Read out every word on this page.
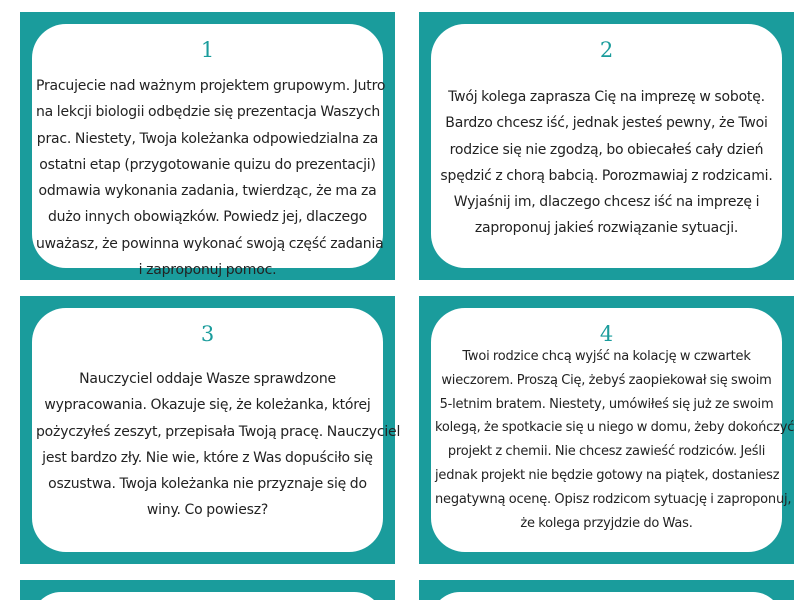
1
Pracujecie nad ważnym projektem grupowym. Jutro
na lekcji biologii odbędzie się prezentacja Waszych
prac. Niestety, Twoja koleżanka odpowiedzialna za
ostatni etap (przygotowanie quizu do prezentacji)
odmawia wykonania zadania, twierdząc, że ma za
dużo innych obowiązków. Powiedz jej, dlaczego
uważasz, że powinna wykonać swoją część zadania
i zaproponuj pomoc.
2
Twój kolega zaprasza Cię na imprezę w sobotę.
Bardzo chcesz iść, jednak jesteś pewny, że Twoi
rodzice się nie zgodzą, bo obiecałeś cały dzień
spędzić z chorą babcią. Porozmawiaj z rodzicami.
Wyjaśnij im, dlaczego chcesz iść na imprezę i
zaproponuj jakieś rozwiązanie sytuacji.
3
Nauczyciel oddaje Wasze sprawdzone
wypracowania. Okazuje się, że koleżanka, której
pożyczyłeś zeszyt, przepisała Twoją pracę. Nauczyciel
jest bardzo zły. Nie wie, które z Was dopuściło się
oszustwa. Twoja koleżanka nie przyznaje się do
winy. Co powiesz?
4
Twoi rodzice chcą wyjść na kolację w czwartek
wieczorem. Proszą Cię, żebyś zaopiekował się swoim
5-letnim bratem. Niestety, umówiłeś się już ze swoim
kolegą, że spotkacie się u niego w domu, żeby dokończyć
projekt z chemii. Nie chcesz zawieść rodziców. Jeśli
jednak projekt nie będzie gotowy na piątek, dostaniesz
negatywną ocenę. Opisz rodzicom sytuację i zaproponuj,
że kolega przyjdzie do Was.
